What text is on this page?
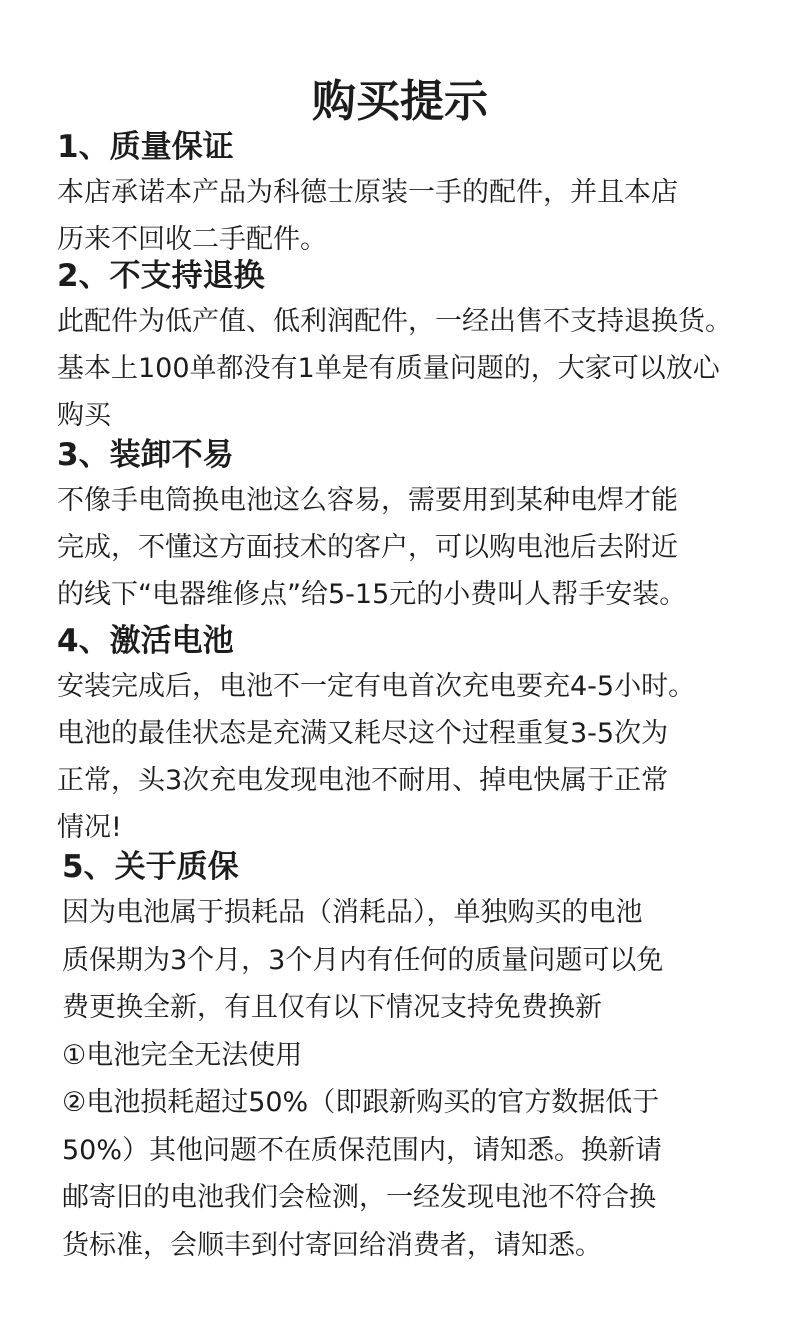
购买提示
1、质量保证
本店承诺本产品为科德士原装一手的配件，并且本店
历来不回收二手配件。
2、不支持退换
此配件为低产值、低利润配件，一经出售不支持退换货。
基本上100单都没有1单是有质量问题的，大家可以放心
购买
3、装卸不易
不像手电筒换电池这么容易，需要用到某种电焊才能
完成，不懂这方面技术的客户，可以购电池后去附近
的线下“电器维修点”给5-15元的小费叫人帮手安装。
4、激活电池
安装完成后，电池不一定有电首次充电要充4-5小时。
电池的最佳状态是充满又耗尽这个过程重复3-5次为
正常，头3次充电发现电池不耐用、掉电快属于正常
情况!
5、关于质保
因为电池属于损耗品（消耗品），单独购买的电池
质保期为3个月，3个月内有任何的质量问题可以免
费更换全新，有且仅有以下情况支持免费换新
①电池完全无法使用
②电池损耗超过50%（即跟新购买的官方数据低于
50%）其他问题不在质保范围内，请知悉。换新请
邮寄旧的电池我们会检测，一经发现电池不符合换
货标准，会顺丰到付寄回给消费者，请知悉。
